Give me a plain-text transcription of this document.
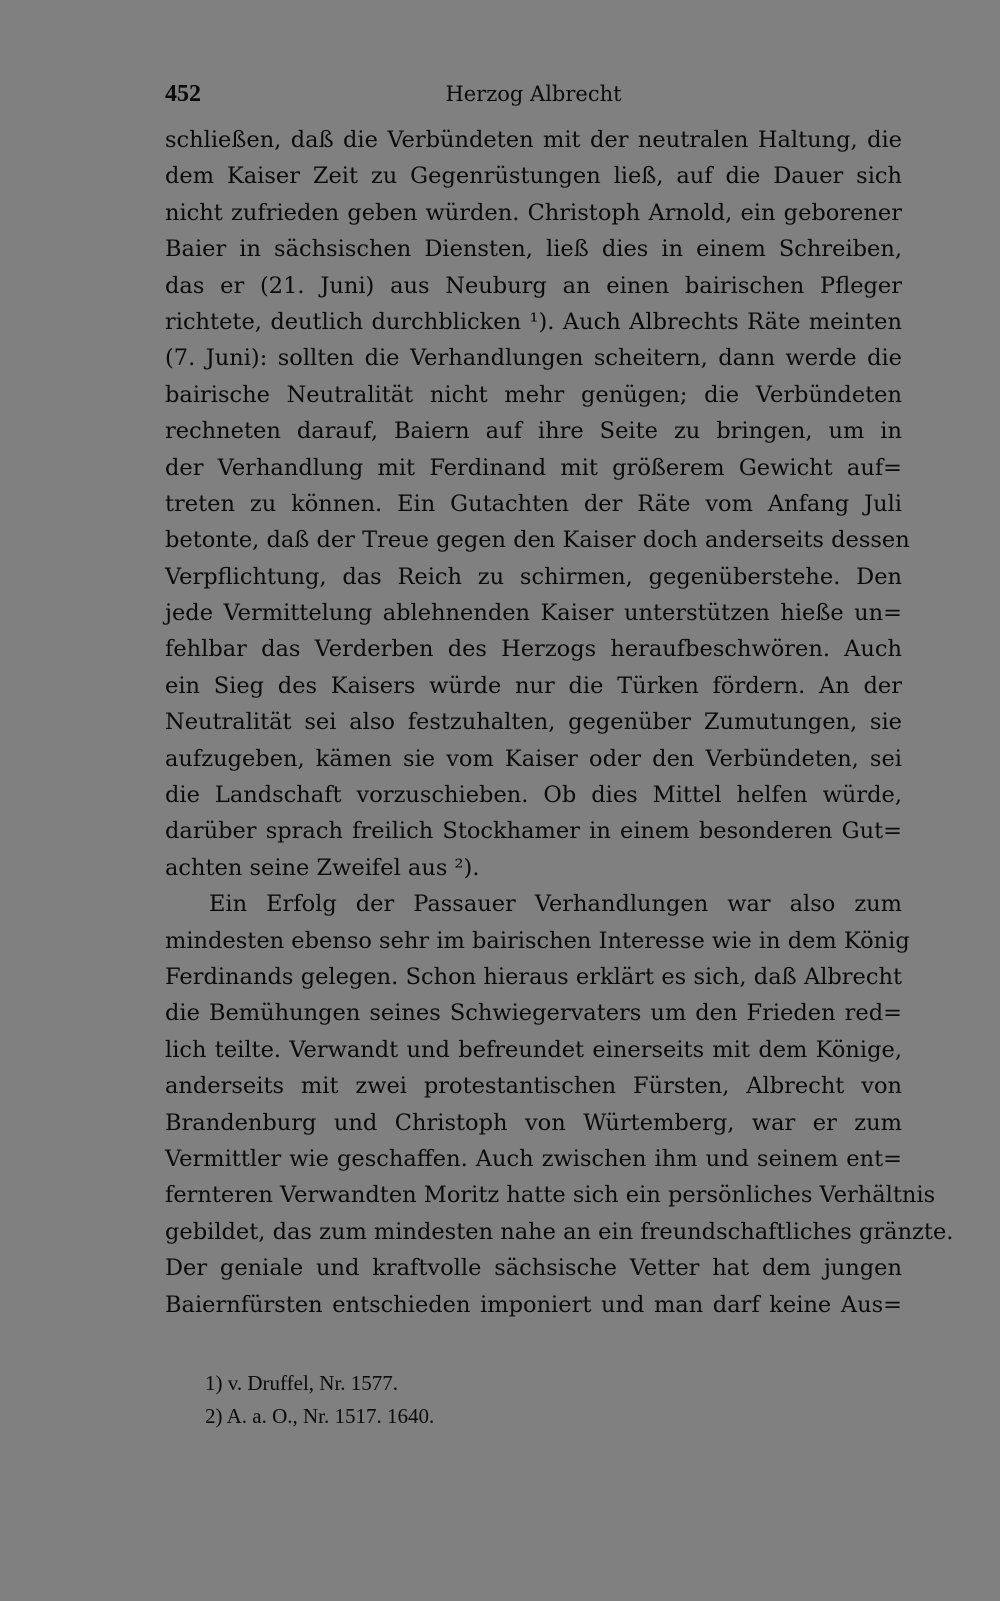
452	Herzog Albrecht
schließen, daß die Verbündeten mit der neutralen Haltung, die
dem Kaiser Zeit zu Gegenrüstungen ließ, auf die Dauer sich
nicht zufrieden geben würden. Christoph Arnold, ein geborener
Baier in sächsischen Diensten, ließ dies in einem Schreiben,
das er (21. Juni) aus Neuburg an einen bairischen Pfleger
richtete, deutlich durchblicken ¹). Auch Albrechts Räte meinten
(7. Juni): sollten die Verhandlungen scheitern, dann werde die
bairische Neutralität nicht mehr genügen; die Verbündeten
rechneten darauf, Baiern auf ihre Seite zu bringen, um in
der Verhandlung mit Ferdinand mit größerem Gewicht auf=
treten zu können. Ein Gutachten der Räte vom Anfang Juli
betonte, daß der Treue gegen den Kaiser doch anderseits dessen
Verpflichtung, das Reich zu schirmen, gegenüberstehe. Den
jede Vermittelung ablehnenden Kaiser unterstützen hieße un=
fehlbar das Verderben des Herzogs heraufbeschwören. Auch
ein Sieg des Kaisers würde nur die Türken fördern. An der
Neutralität sei also festzuhalten, gegenüber Zumutungen, sie
aufzugeben, kämen sie vom Kaiser oder den Verbündeten, sei
die Landschaft vorzuschieben. Ob dies Mittel helfen würde,
darüber sprach freilich Stockhamer in einem besonderen Gut=
achten seine Zweifel aus ²).
Ein Erfolg der Passauer Verhandlungen war also zum
mindesten ebenso sehr im bairischen Interesse wie in dem König
Ferdinands gelegen. Schon hieraus erklärt es sich, daß Albrecht
die Bemühungen seines Schwiegervaters um den Frieden red=
lich teilte. Verwandt und befreundet einerseits mit dem Könige,
anderseits mit zwei protestantischen Fürsten, Albrecht von
Brandenburg und Christoph von Würtemberg, war er zum
Vermittler wie geschaffen. Auch zwischen ihm und seinem ent=
fernteren Verwandten Moritz hatte sich ein persönliches Verhältnis
gebildet, das zum mindesten nahe an ein freundschaftliches gränzte.
Der geniale und kraftvolle sächsische Vetter hat dem jungen
Baiernfürsten entschieden imponiert und man darf keine Aus=
1) v. Druffel, Nr. 1577.
2) A. a. O., Nr. 1517. 1640.
